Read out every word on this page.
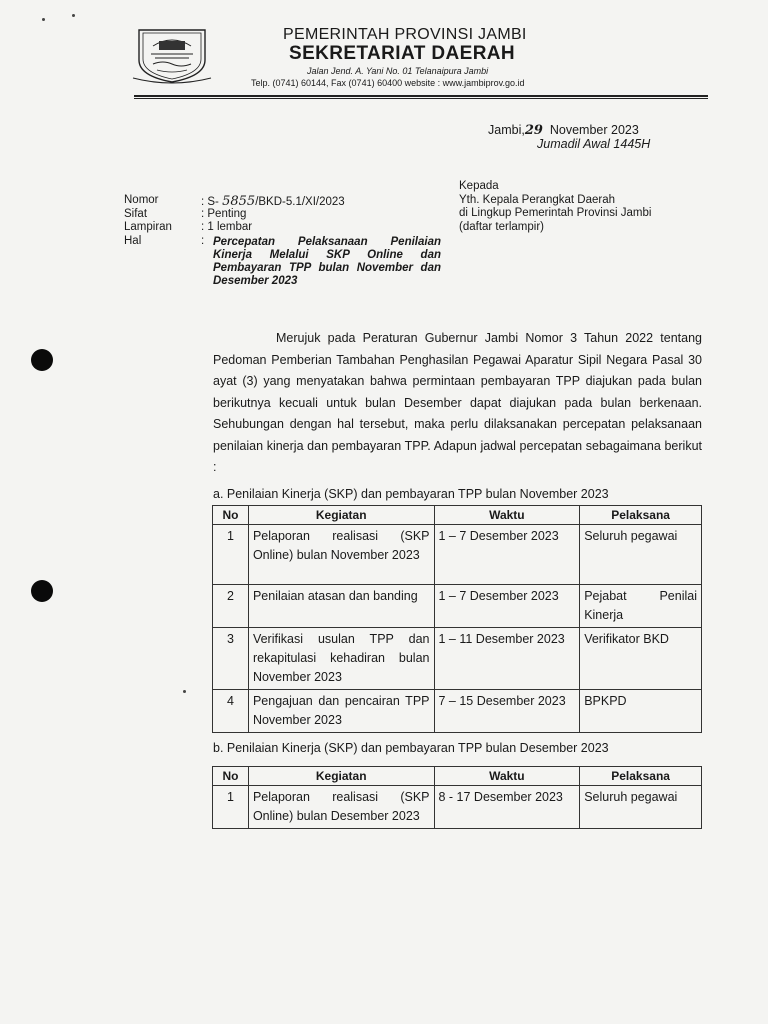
PEMERINTAH PROVINSI JAMBI
SEKRETARIAT DAERAH
Jalan Jend. A. Yani No. 01 Telanaipura Jambi
Telp. (0741) 60144, Fax (0741) 60400 website : www.jambiprov.go.id
Jambi,29 November 2023
Jumadil Awal 1445H
Nomor	: S- 5855/BKD-5.1/XI/2023
Sifat	: Penting
Lampiran	: 1 lembar
Hal	: Percepatan Pelaksanaan Penilaian Kinerja Melalui SKP Online dan Pembayaran TPP bulan November dan Desember 2023
Kepada
Yth. Kepala Perangkat Daerah
di Lingkup Pemerintah Provinsi Jambi
(daftar terlampir)
Merujuk pada Peraturan Gubernur Jambi Nomor 3 Tahun 2022 tentang Pedoman Pemberian Tambahan Penghasilan Pegawai Aparatur Sipil Negara Pasal 30 ayat (3) yang menyatakan bahwa permintaan pembayaran TPP diajukan pada bulan berikutnya kecuali untuk bulan Desember dapat diajukan pada bulan berkenaan. Sehubungan dengan hal tersebut, maka perlu dilaksanakan percepatan pelaksanaan penilaian kinerja dan pembayaran TPP. Adapun jadwal percepatan sebagaimana berikut :
a. Penilaian Kinerja (SKP) dan pembayaran TPP bulan November 2023
No	Kegiatan	Waktu	Pelaksana
1	Pelaporan realisasi (SKP Online) bulan November 2023	1 – 7 Desember 2023	Seluruh pegawai
2	Penilaian atasan dan banding	1 – 7 Desember 2023	Pejabat Penilai Kinerja
3	Verifikasi usulan TPP dan rekapitulasi kehadiran bulan November 2023	1 – 11 Desember 2023	Verifikator BKD
4	Pengajuan dan pencairan TPP November 2023	7 – 15 Desember 2023	BPKPD
b. Penilaian Kinerja (SKP) dan pembayaran TPP bulan Desember 2023
No	Kegiatan	Waktu	Pelaksana
1	Pelaporan realisasi (SKP Online) bulan Desember 2023	8 - 17 Desember 2023	Seluruh pegawai
